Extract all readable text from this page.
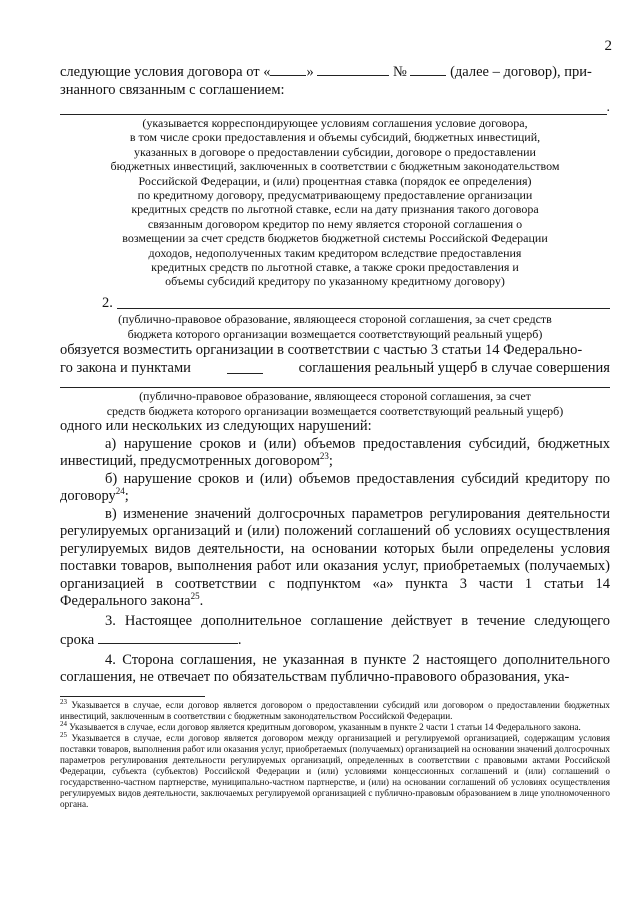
2

следующие условия договора от « »	№  (далее – договор), при-

знанного связанным с соглашением:

.

(указывается корреспондирующее условиям соглашения условие договора,

в том числе сроки предоставления и объемы субсидий, бюджетных инвестиций,

указанных в договоре о предоставлении субсидии, договоре о предоставлении

бюджетных инвестиций, заключенных в соответствии с бюджетным законодательством

Российской Федерации, и (или) процентная ставка (порядок ее определения)

по кредитному договору, предусматривающему предоставление организации

кредитных средств по льготной ставке, если на дату признания такого договора

связанным договором кредитор по нему является стороной соглашения о

возмещении за счет средств бюджетов бюджетной системы Российской Федерации

доходов, недополученных таким кредитором вследствие предоставления

кредитных средств по льготной ставке, а также сроки предоставления и

объемы субсидий кредитору по указанному кредитному договору)

2.

(публично-правовое образование, являющееся стороной соглашения, за счет средств

бюджета которого организации возмещается соответствующий реальный ущерб)

обязуется возместить организации в соответствии с частью 3 статьи 14 Федерально-

го закона и пунктами	соглашения реальный ущерб в случае совершения

(публично-правовое образование, являющееся стороной соглашения, за счет

средств бюджета которого организации возмещается соответствующий реальный ущерб)

одного или нескольких из следующих нарушений:

а) нарушение сроков и (или) объемов предоставления субсидий, бюджетных инвестиций, предусмотренных договором$^{23}$;

б) нарушение сроков и (или) объемов предоставления субсидий кредитору по договору$^{24}$;

в) изменение значений долгосрочных параметров регулирования деятельности регулируемых организаций и (или) положений соглашений об условиях осуществления регулируемых видов деятельности, на основании которых были определены условия поставки товаров, выполнения работ или оказания услуг, приобретаемых (получаемых) организацией в соответствии с подпунктом «а» пункта 3 части 1 статьи 14 Федерального закона$^{25}$.

3. Настоящее дополнительное соглашение действует в течение следующего срока	.

4. Сторона соглашения, не указанная в пункте 2 настоящего дополнительного соглашения, не отвечает по обязательствам публично-правового образования, ука-

$^{23}$ Указывается в случае, если договор является договором о предоставлении субсидий или договором о предоставлении бюджетных инвестиций, заключенным в соответствии с бюджетным законодательством Российской Федерации.

$^{24}$ Указывается в случае, если договор является кредитным договором, указанным в пункте 2 части 1 статьи 14 Федерального закона.

$^{25}$ Указывается в случае, если договор является договором между организацией и регулируемой организацией, содержащим условия поставки товаров, выполнения работ или оказания услуг, приобретаемых (получаемых) организацией на основании значений долгосрочных параметров регулирования деятельности регулируемых организаций, определенных в соответствии с правовыми актами Российской Федерации, субъекта (субъектов) Российской Федерации и (или) условиями концессионных соглашений и (или) соглашений о государственно-частном партнерстве, муниципально-частном партнерстве, и (или) на основании соглашений об условиях осуществления регулируемых видов деятельности, заключаемых регулируемой организацией с публично-правовым образованием в лице уполномоченного органа.
